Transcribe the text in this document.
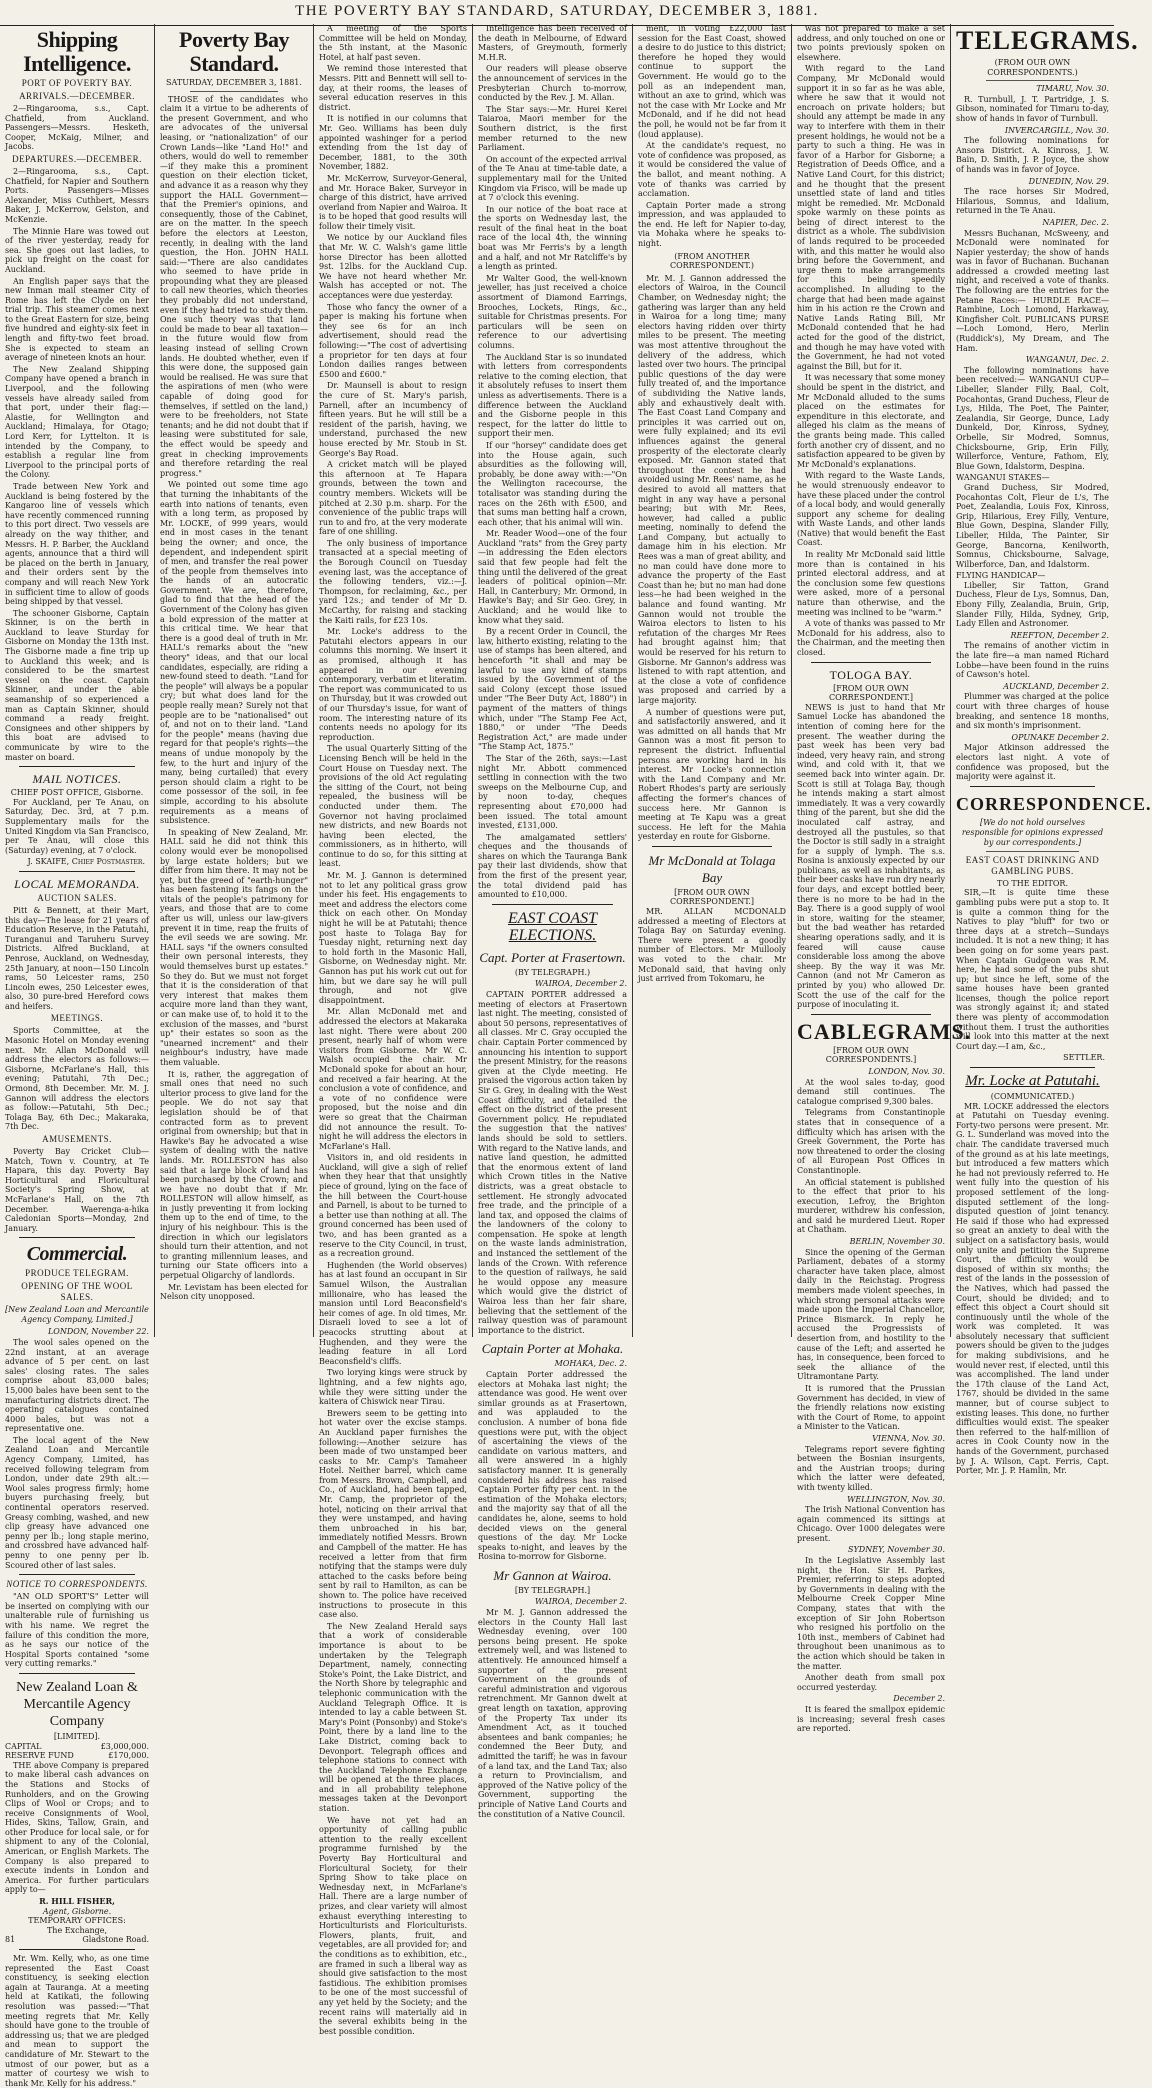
THE POVERTY BAY STANDARD, SATURDAY, DECEMBER 3, 1881.
Shipping Intelligence.
PORT OF POVERTY BAY.
ARRIVALS.—DECEMBER.

2—Ringarooma, s.s., Capt. Chatfield, from Auckland. Passengers—Messrs. Hesketh, Cooper, McKaig, Milner, and Jacobs.

DEPARTURES.—DECEMBER.

2—Ringarooma, s.s., Capt. Chatfield, for Napier and Southern Ports. Passengers—Misses Alexander, Miss Cuthbert, Messrs Baker, J. McKerrow, Gelston, and McKenzie.

The Minnie Hare was towed out of the river yesterday, ready for sea. She goes out last ladies, to pick up freight on the coast for Auckland.

An English paper says that the new Inman mail steamer City of Rome has left the Clyde on her trial trip. This steamer comes next to the Great Eastern for size, being five hundred and eighty-six feet in length and fifty-two feet broad. She is expected to steam an average of nineteen knots an hour.

The New Zealand Shipping Company have opened a branch in Liverpool, and the following vessels have already sailed from that port, under their flag:—Alastie, for Wellington and Auckland; Himalaya, for Otago; Lord Kerr, for Lyttelton. It is intended by the Company, to establish a regular line from Liverpool to the principal ports of the Colony.

Trade between New York and Auckland is being fostered by the Kangaroo line of vessels which have recently commenced running to this port direct. Two vessels are already on the way thither, and Messrs. H. P. Barber, the Auckland agents, announce that a third will be placed on the berth in January, and their orders sent by the company and will reach New York in sufficient time to allow of goods being shipped by that vessel.

The schooner Gisborne, Captain Skinner, is on the berth in Auckland to leave Sturday for Gisborne on Monday the 13th inst. The Gisborne made a fine trip up to Auckland this week; and is considered to be the smartest vessel on the coast. Captain Skinner, and under the able seamanship of so experienced a man as Captain Skinner, should command a ready freight. Consignees and other shippers by this boat are advised to communicate by wire to the master on board.

MAIL NOTICES.
CHIEF POST OFFICE, Gisborne.

For Auckland, per Te Anau, on Saturday, Dec. 3rd, at 7 p.m. Supplementary mails for the United Kingdom via San Francisco, per Te Anau, will close this (Saturday) evening, at 7 o'clock.

J. SKAIFE, Chief Postmaster.
LOCAL MEMORANDA.
AUCTION SALES.

Pitt & Bennett, at their Mart, this day—The lease for 21 years of Education Reserve, in the Patutahi, Turanganui and Taruheru Survey Districts. Alfred Buckland, at Penrose, Auckland, on Wednesday, 25th January, at noon—150 Lincoln rams, 50 Leicester rams, 250 Lincoln ewes, 250 Leicester ewes, also, 30 pure-bred Hereford cows and heifers.

MEETINGS.

Sports Committee, at the Masonic Hotel on Monday evening next. Mr. Allan McDonald will address the electors as follows:—Gisborne, McFarlane's Hall, this evening; Patutahi, 7th Dec.; Ormond, 8th December. Mr. M. J. Gannon will address the electors as follow:—Patutahi, 5th Dec.; Tolaga Bay, 6th Dec.; Makaraka, 7th Dec.

AMUSEMENTS.

Poverty Bay Cricket Club—Match, Town v. Country, at Te Hapara, this day. Poverty Bay Horticultural and Floricultural Society's Spring Show, at McFarlane's Hall, on the 7th December. Waerenga-a-hika Caledonian Sports—Monday, 2nd January.

Commercial.
PRODUCE TELEGRAM.
OPENING OF THE WOOL SALES.
[New Zealand Loan and Mercantile Agency Company, Limited.]
LONDON, November 22.

The wool sales opened on the 22nd instant, at an average advance of 5 per cent. on last sales' closing rates. The sales comprise about 83,000 bales; 15,000 bales have been sent to the manufacturing districts direct. The operating catalogues contained 4000 bales, but was not a representative one.

The local agent of the New Zealand Loan and Mercantile Agency Company, Limited, has received following telegram from London, under date 29th alt.:—Wool sales progress firmly; home buyers purchasing freely, but continental operators reserved. Greasy combing, washed, and new clip greasy have advanced one penny per lb.; long staple merino, and crossbred have advanced half-penny to one penny per lb. Scoured other of last sales.

NOTICE TO CORRESPONDENTS.

"AN OLD SPORT'S" Letter will be inserted on complying with our unalterable rule of furnishing us with his name. We regret the failure of this condition the more, as he says our notice of the Hospital Sports contained "some very cutting remarks."

New Zealand Loan & Mercantile Agency Company
[LIMITED].
CAPITAL	£3,000,000.
RESERVE FUND	£170,000.

THE above Company is prepared to make liberal cash advances on the Stations and Stocks of Runholders, and on the Growing Clips of Wool or Crops; and to receive Consignments of Wool, Hides, Skins, Tallow, Grain, and other Produce for local sale, or for shipment to any of the Colonial, American, or English Markets. The Company is also prepared to execute indents in London and America. For further particulars apply to—

R. HILL FISHER,
Agent, Gisborne.
TEMPORARY OFFICES:
The Exchange,
81	Gladstone Road.

Mr. Wm. Kelly, who, as one time represented the East Coast constituency, is seeking election again at Tauranga. At a meeting held at Katikati, the following resolution was passed:—"That meeting regrets that Mr. Kelly should have gone to the trouble of addressing us; that we are pledged and mean to support the candidature of Mr. Stewart to the utmost of our power, but as a matter of courtesy we wish to thank Mr. Kelly for his address."

Poverty Bay Standard.
SATURDAY, DECEMBER 3, 1881.

THOSE of the candidates who claim it a virtue to be adherents of the present Government, and who are advocates of the universal leasing, or "nationalization" of our Crown Lands—like "Land Ho!" and others, would do well to remember—if they make this a prominent question on their election ticket, and advance it as a reason why they support the HALL Government—that the Premier's opinions, and consequently, those of the Cabinet, are on the matter. In the speech before the electors at Leeston, recently, in dealing with the land question, the Hon. JOHN HALL said:—"There are also candidates who seemed to have pride in propounding what they are pleased to call new theories, which theories they probably did not understand, even if they had tried to study them. One such theory was that land could be made to bear all taxation—in the future would flow from leasing instead of selling Crown lands. He doubted whether, even if this were done, the supposed gain would be realised. He was sure that the aspirations of men (who were capable of doing good for themselves, if settled on the land,) were to be freeholders, not State tenants; and he did not doubt that if leasing were substituted for sale, the effect would be speedy and great in checking improvements and therefore retarding the real progress."

We pointed out some time ago that turning the inhabitants of the earth into nations of tenants, even with a long term, as proposed by Mr. LOCKE, of 999 years, would end in most cases in the tenant being the owner; and once, the dependent, and independent spirit of men, and transfer the real power of the people from themselves into the hands of an autocratic Government. We are, therefore, glad to find that the head of the Government of the Colony has given a bold expression of the matter at this critical time. We hear that there is a good deal of truth in Mr. HALL's remarks about the "new theory" ideas, and that our local candidates, especially, are riding a new-found steed to death. "Land for the people" will always be a popular cry; but what does land for the people really mean? Surely not that people are to be "nationalised" out of, and not on to their land. "Land for the people" means (having due regard for that people's rights—the means of undue monopoly by the few, to the hurt and injury of the many, being curtailed) that every person should claim a right to be come possessor of the soil, in fee simple, according to his absolute requirements as a means of subsistence.

In speaking of New Zealand, Mr. HALL said he did not think this colony would ever be monopolised by large estate holders; but we differ from him there. It may not be yet, but the greed of "earth-hunger" has been fastening its fangs on the vitals of the people's patrimony for years, and those that are to come after us will, unless our law-givers prevent it in time, reap the fruits of the evil seeds we are sowing. Mr. HALL says "if the owners consulted their own personal interests, they would themselves burst up estates." So they do. But we must not forget that it is the consideration of that very interest that makes them acquire more land than they want, or can make use of, to hold it to the exclusion of the masses, and "burst up" their estates so soon as the "unearned increment" and their neighbour's industry, have made them valuable.

It is, rather, the aggregation of small ones that need no such ulterior process to give land for the people. We do not say that legislation should be of that contracted form as to prevent original from ownership; but that in Hawke's Bay he advocated a wise system of dealing with the native lands. Mr. ROLLESTON has also said that a large block of land has been purchased by the Crown; and we have no doubt that if Mr. ROLLESTON will allow himself, as in justly preventing it from locking them up to the end of time, to the injury of his neighbour. This is the direction in which our legislators should turn their attention, and not to granting millennium leases, and turning our State officers into a perpetual Oligarchy of landlords.

Mr. Levistam has been elected for Nelson city unopposed.

A meeting of the Sports Committee will be held on Monday, the 5th instant, at the Masonic Hotel, at half past seven.

We remind those interested that Messrs. Pitt and Bennett will sell to-day, at their rooms, the leases of several education reserves in this district.

It is notified in our columns that Mr. Geo. Williams has been duly appointed washinger for a period extending from the 1st day of December, 1881, to the 30th November, 1882.

Mr. McKerrow, Surveyor-General, and Mr. Horace Baker, Surveyor in charge of this district, have arrived overland from Napier and Wairoa. It is to be hoped that good results will follow their timely visit.

We notice by our Auckland files that Mr. W. C. Walsh's game little horse Director has been allotted 9st. 12lbs. for the Auckland Cup. We have not heard whether Mr. Walsh has accepted or not. The acceptances were due yesterday.

Those who fancy the owner of a paper is making his fortune when they see 6s for an inch advertisement, should read the following:—"The cost of advertising a proprietor for ten days at four London dailies ranges between £500 and £600."

Dr. Maunsell is about to resign the cure of St. Mary's parish, Parnell, after an incumbency of fifteen years. But he will still be a resident of the parish, having, we understand, purchased the new house erected by Mr. Stoub in St. George's Bay Road.

A cricket match will be played this afternoon at Te Hapara grounds, between the town and country members. Wickets will be pitched at 2.30 p.m. sharp. For the convenience of the public traps will run to and fro, at the very moderate fare of one shilling.

The only business of importance transacted at a special meeting of the Borough Council on Tuesday evening last, was the acceptance of the following tenders, viz.:—J. Thompson, for reclaiming, &c., per yard 12s.; and tender of Mr D. McCarthy, for raising and stacking the Kaiti rails, for £23 10s.

Mr. Locke's address to the Patutahi electors appears in our columns this morning. We insert it as promised, although it has appeared in our evening contemporary, verbatim et literatim. The report was communicated to us on Thursday, but it was crowded out of our Thursday's issue, for want of room. The interesting nature of its contents needs no apology for its reproduction.

The usual Quarterly Sitting of the Licensing Bench will be held in the Court House on Tuesday next. The provisions of the old Act regulating the sitting of the Court, not being repealed, the business will be conducted under them. The Governor not having proclaimed new districts, and new Boards not having been elected, the commissioners, as in hitherto, will continue to do so, for this sitting at least.

Mr. M. J. Gannon is determined not to let any political grass grow under his feet. His engagements to meet and address the electors come thick on each other. On Monday night he will be at Patutahi; thence post haste to Tolaga Bay for Tuesday night, returning next day to hold forth in the Masonic Hall, Gisborne, on Wednesday night. Mr. Gannon has put his work cut out for him, but we dare say he will pull through, and not give disappointment.

Mr. Allan McDonald met and addressed the electors at Makaraka last night. There were about 200 present, nearly half of whom were visitors from Gisborne. Mr W. C. Walsh occupied the chair. Mr McDonald spoke for about an hour, and received a fair hearing. At the conclusion a vote of confidence, and a vote of no confidence were proposed, but the noise and din were so great that the Chairman did not announce the result. To-night he will address the electors in McFarlane's Hall.

Visitors in, and old residents in Auckland, will give a sigh of relief when they hear that that unsightly piece of ground, lying on the face of the hill between the Court-house and Parnell, is about to be turned to a better use than nothing at all. The ground concerned has been used of two, and has been granted as a reserve to the City Council, in trust, as a recreation ground.

Hughenden (the World observes) has at last found an occupant in Sir Samuel Wilson, the Australian millionaire, who has leased the mansion until Lord Beaconsfield's heir comes of age. In old times, Mr. Disraeli loved to see a lot of peacocks strutting about at Hughenden, and they were the leading feature in all Lord Beaconsfield's cliffs.

Two lorying kings were struck by lightning, and a few nights ago, while they were sitting under the kaitera of Chiswick near Tirau.

Brewers seem to be getting into hot water over the excise stamps. An Auckland paper furnishes the following:—Another seizure has been made of two unstamped beer casks to Mr. Camp's Tamaheer Hotel. Neither barrel, which came from Messrs. Brown, Campbell, and Co., of Auckland, had been tapped, Mr. Camp, the proprietor of the hotel, noticing on their arrival that they were unstamped, and having them unbroached in his bar, immediately notified Messrs. Brown and Campbell of the matter. He has received a letter from that firm notifying that the stamps were duly attached to the casks before being sent by rail to Hamilton, as can be shown to. The police have received instructions to prosecute in this case also.

The New Zealand Herald says that a work of considerable importance is about to be undertaken by the Telegraph Department, namely, connecting Stoke's Point, the Lake District, and the North Shore by telegraphic and telephonic communication with the Auckland Telegraph Office. It is intended to lay a cable between St. Mary's Point (Ponsonby) and Stoke's Point, there by a land line to the Lake District, coming back to Devonport. Telegraph offices and telephone stations to connect with the Auckland Telephone Exchange will be opened at the three places, and in all probability telephone messages taken at the Devonport station.

We have not yet had an opportunity of calling public attention to the really excellent programme furnished by the Poverty Bay Horticultural and Floricultural Society, for their Spring Show to take place on Wednesday next, in McFarlane's Hall. There are a large number of prizes, and clear variety will almost exhaust everything interesting to Horticulturists and Floriculturists. Flowers, plants, fruit, and vegetables, are all provided for; and the conditions as to exhibition, etc., are framed in such a liberal way as should give satisfaction to the most fastidious. The exhibition promises to be one of the most successful of any yet held by the Society; and the recent rains will materially aid in the several exhibits being in the best possible condition.

Intelligence has been received of the death in Melbourne, of Edward Masters, of Greymouth, formerly M.H.R.

Our readers will please observe the announcement of services in the Presbyterian Church to-morrow, conducted by the Rev. J. M. Allan.

The Star says:—Mr. Hurei Kerei Taiaroa, Maori member for the Southern district, is the first member returned to the new Parliament.

On account of the expected arrival of the Te Anau at time-table date, a supplementary mail for the United Kingdom via Frisco, will be made up at 7 o'clock this evening.

In our notice of the boat race at the sports on Wednesday last, the result of the final heat in the boat race of the local 4th, the winning boat was Mr Ferris's by a length and a half, and not Mr Ratcliffe's by a length as printed.

Mr Walter Good, the well-known jeweller, has just received a choice assortment of Diamond Earrings, Brooches, Lockets, Rings, &c., suitable for Christmas presents. For particulars will be seen on reference to our advertising columns.

The Auckland Star is so inundated with letters from correspondents relative to the coming election, that it absolutely refuses to insert them unless as advertisements. There is a difference between the Auckland and the Gisborne people in this respect, for the latter do little to support their men.

If our "horsey" candidate does get into the House again, such absurdities as the following will, probably, be done away with:—"On the Wellington racecourse, the totalisator was standing during the races on the 26th with £500, and that sums man betting half a crown, each other, that his animal will win.

Mr. Reader Wood—one of the four Auckland "rats" from the Grey party—in addressing the Eden electors said that few people had felt the thing until the delivered of the great leaders of political opinion—Mr. Hall, in Canterbury; Mr. Ormond, in Hawke's Bay; and Sir Geo. Grey, in Auckland; and he would like to know what they said.

By a recent Order in Council, the law, hitherto existing, relating to the use of stamps has been altered, and henceforth "it shall and may be lawful to use any kind of stamps issued by the Government of the said Colony (except those issued under "The Beer Duty Act, 1880") in payment of the matters of things which, under "The Stamp Fee Act, 1880," or under "The Deeds Registration Act," are made under "The Stamp Act, 1875."

The Star of the 26th, says:—Last night Mr. Abbott commenced settling in connection with the two sweeps on the Melbourne Cup, and by noon to-day, cheques representing about £70,000 had been issued. The total amount invested, £131,000.

The amalgamated settlers' cheques and the thousands of shares on which the Tauranga Bank pay their last dividends, show that from the first of the present year, the total dividend paid has amounted to £10,000.

EAST COAST ELECTIONS.
Capt. Porter at Frasertown.
(BY TELEGRAPH.)
WAIROA, December 2.

CAPTAIN PORTER addressed a meeting of electors at Frasertown last night. The meeting, consisted of about 50 persons, representatives of all classes. Mr C. Gray occupied the chair. Captain Porter commenced by announcing his intention to support the present Ministry, for the reasons given at the Clyde meeting. He praised the vigorous action taken by Sir G. Grey, in dealing with the West Coast difficulty, and detailed the effect on the district of the present Government policy. He repudiated the suggestion that the natives' lands should be sold to settlers. With regard to the Native lands, and native land question, he admitted that the enormous extent of land which Crown titles in the Native districts, was a great obstacle to settlement. He strongly advocated free trade, and the principle of a land tax, and opposed the claims of the landowners of the colony to compensation. He spoke at length on the waste lands administration, and instanced the settlement of the lands of the Crown. With reference to the question of railways, he said he would oppose any measure which would give the district of Wairoa less than her fair share, believing that the settlement of the railway question was of paramount importance to the district.

Captain Porter at Mohaka.
MOHAKA, Dec. 2.

Captain Porter addressed the electors at Mohaka last night; the attendance was good. He went over similar grounds as at Frasertown, and was applauded to the conclusion. A number of bona fide questions were put, with the object of ascertaining the views of the candidate on various matters, and all were answered in a highly satisfactory manner. It is generally considered his address has raised Captain Porter fifty per cent. in the estimation of the Mohaka electors; and the majority say that of all the candidates he, alone, seems to hold decided views on the general questions of the day. Mr Locke speaks to-night, and leaves by the Rosina to-morrow for Gisborne.

Mr Gannon at Wairoa.
[BY TELEGRAPH.]
WAIROA, December 2.

Mr M. J. Gannon addressed the electors in the County Hall last Wednesday evening, over 100 persons being present. He spoke extremely well, and was listened to attentively. He announced himself a supporter of the present Government on the grounds of careful administration and vigorous retrenchment. Mr Gannon dwelt at great length on taxation, approving of the Property Tax under its Amendment Act, as it touched absentees and bank companies; he condemned the Beer Duty, and admitted the tariff; he was in favour of a land tax, and the Land Tax; also a return to Provincialism, and approved of the Native policy of the Government, supporting the principle of Native Land Courts and the constitution of a Native Council.

ment, in voting £22,000 last session for the East Coast, showed a desire to do justice to this district; therefore he hoped they would continue to support the Government. He would go to the poll as an independent man, without an axe to grind, which was not the case with Mr Locke and Mr McDonald, and if he did not head the poll, he would not be far from it (loud applause).

At the candidate's request, no vote of confidence was proposed, as it would be considered the value of the ballot, and meant nothing. A vote of thanks was carried by acclamation.

Captain Porter made a strong impression, and was applauded to the end. He left for Napier to-day, via Mohaka where he speaks to-night.

(FROM ANOTHER CORRESPONDENT.)

Mr. M. J. Gannon addressed the electors of Wairoa, in the Council Chamber, on Wednesday night; the gathering was larger than any held in Wairoa for a long time; many electors having ridden over thirty miles to be present. The meeting was most attentive throughout the delivery of the address, which lasted over two hours. The principal public questions of the day were fully treated of, and the importance of subdividing the Native lands, ably and exhaustively dealt with. The East Coast Land Company and principles it was carried out on, were fully explained; and its evil influences against the general prosperity of the electorate clearly exposed. Mr. Gannon stated that throughout the contest he had avoided using Mr. Rees' name, as he desired to avoid all matters that might in any way have a personal bearing; but with Mr. Rees, however, had called a public meeting, nominally to defend the Land Company, but actually to damage him in his election. Mr Rees was a man of great ability, and no man could have done more to advance the property of the East Coast than he; but no man had done less—he had been weighed in the balance and found wanting. Mr Gannon would not trouble the Wairoa electors to listen to his refutation of the charges Mr Rees had brought against him; that would be reserved for his return to Gisborne. Mr Gannon's address was listened to with rapt attention, and at the close a vote of confidence was proposed and carried by a large majority.

A number of questions were put, and satisfactorily answered, and it was admitted on all hands that Mr Gannon was a most fit person to represent the district. Influential persons are working hard in his interest. Mr Locke's connection with the Land Company and Mr. Robert Rhodes's party are seriously affecting the former's chances of success here. Mr Gannon is meeting at Te Kapu was a great success. He left for the Mahia yesterday en route for Gisborne.

Mr McDonald at Tolaga Bay
[FROM OUR OWN CORRESPONDENT.]

MR. ALLAN MCDONALD addressed a meeting of Electors at Tolaga Bay on Saturday evening. There were present a goodly number of Electors. Mr Mullooly was voted to the chair. Mr McDonald said, that having only just arrived from Tokomaru, he

was not prepared to make a set address, and only touched on one or two points previously spoken on elsewhere.

With regard to the Land Company, Mr McDonald would support it in so far as he was able, where he saw that it would not encroach on private holders; but should any attempt be made in any way to interfere with them in their present holdings, he would not be a party to such a thing. He was in favor of a Harbor for Gisborne; a Registration of Deeds Office, and a Native Land Court, for this district; and he thought that the present unsettled state of land and titles might be remedied. Mr. McDonald spoke warmly on these points as being of direct interest to the district as a whole. The subdivision of lands required to be proceeded with, and this matter he would also bring before the Government, and urge them to make arrangements for this being speedily accomplished. In alluding to the charge that had been made against him in his action re the Crown and Native Lands Rating Bill, Mr McDonald contended that he had acted for the good of the district, and though he may have voted with the Government, he had not voted against the Bill, but for it.

It was necessary that some money should be spent in the district, and Mr McDonald alluded to the sums placed on the estimates for expenditure in this electorate, and alleged his claim as the means of the grants being made. This called forth another cry of dissent, and no satisfaction appeared to be given by Mr McDonald's explanations.

With regard to the Waste Lands, he would strenuously endeavor to have these placed under the control of a local body, and would generally support any scheme for dealing with Waste Lands, and other lands (Native) that would benefit the East Coast.

In reality Mr McDonald said little more than is contained in his printed electoral address, and at the conclusion some few questions were asked, more of a personal nature than otherwise, and the meeting was inclined to be "warm."

A vote of thanks was passed to Mr McDonald for his address, also to the Chairman, and the meeting then closed.

TOLOGA BAY.
[FROM OUR OWN CORRESPONDENT.]

NEWS is just to hand that Mr Samuel Locke has abandoned the intention of coming here for the present. The weather during the past week has been very bad indeed, very heavy rain, and strong wind, and cold with it, that we seemed back into winter again. Dr. Scott is still at Tolaga Bay, though he intends making a start almost immediately. It was a very cowardly thing of the parent, but she did the inoculated calf astray, and destroyed all the pustules, so that the Doctor is still sadly in a straight for a supply of lymph. The s.s. Rosina is anxiously expected by our publicans, as well as inhabitants, as their beer casks have run dry nearly four days, and except bottled beer, there is no more to be had in the Bay. There is a good supply of wool in store, waiting for the steamer, but the bad weather has retarded shearing operations sadly, and it is feared will cause cause considerable loss among the above sheep. By the way it was Mr. Cannon (and not Mr Cameron as printed by you) who allowed Dr. Scott the use of the calf for the purpose of inoculating it.

CABLEGRAMS.
[FROM OUR OWN CORRESPONDENTS.]
LONDON, Nov. 30.

At the wool sales to-day, good demand still continues. The catalogue comprised 9,300 bales.

Telegrams from Constantinople states that in consequence of a difficulty which has arisen with the Greek Government, the Porte has now threatened to order the closing of all European Post Offices in Constantinople.

An official statement is published to the effect that prior to his execution, Lefroy, the Brighton murderer, withdrew his confession, and said he murdered Lieut. Roper at Chatham.

BERLIN, November 30.

Since the opening of the German Parliament, debates of a stormy character have taken place, almost daily in the Reichstag. Progress members made violent speeches, in which strong personal attacks were made upon the Imperial Chancellor, Prince Bismarck. In reply he accused the Progressists of desertion from, and hostility to the cause of the Left; and asserted he has, in consequence, been forced to seek the alliance of the Ultramontane Party.

It is rumored that the Prussian Government has decided, in view of the friendly relations now existing with the Court of Rome, to appoint a Minister to the Vatican.

VIENNA, Nov. 30.

Telegrams report severe fighting between the Bosnian insurgents, and the Austrian troops; during which the latter were defeated, with twenty killed.

WELLINGTON, Nov. 30.

The Irish National Convention has again commenced its sittings at Chicago. Over 1000 delegates were present.

SYDNEY, November 30.

In the Legislative Assembly last night, the Hon. Sir H. Parkes, Premier, referring to steps adopted by Governments in dealing with the Melbourne Creek Copper Mine Company, states that with the exception of Sir John Robertson who resigned his portfolio on the 10th inst., members of Cabinet had throughout been unanimous as to the action which should be taken in the matter.

Another death from small pox occurred yesterday.

December 2.

It is feared the smallpox epidemic is increasing; several fresh cases are reported.

TELEGRAMS.
(FROM OUR OWN CORRESPONDENTS.)
TIMARU, Nov. 30.

R. Turnbull, J. T. Partridge, J. S. Gibson, nominated for Timaru to-day, show of hands in favor of Turnbull.

INVERCARGILL, Nov. 30.

The following nominations for Ansora District. A. Kinross, J. W. Bain, D. Smith, J. P. Joyce, the show of hands was in favor of Joyce.

DUNEDIN, Nov. 29.

The race horses Sir Modred, Hilarious, Somnus, and Idalium, returned in the Te Anau.

NAPIER, Dec. 2.

Messrs Buchanan, McSweeny, and McDonald were nominated for Napier yesterday; the show of hands was in favor of Buchanan. Buchanan addressed a crowded meeting last night, and received a vote of thanks. The following are the entries for the Petane Races:— HURDLE RACE—Rambine, Loch Lomond, Harkaway, Kingfisher Colt. PUBLICANS PURSE—Loch Lomond, Hero, Merlin (Ruddick's), My Dream, and The Ham.

WANGANUI, Dec. 2.

The following nominations have been received:— WANGANUI CUP—Libeller, Slander Filly, Baal, Colt, Pocahontas, Grand Duchess, Fleur de Lys, Hilda, The Poet, The Painter, Zealandia, Sir George, Dunce, Lady Dunkeld, Dor, Kinross, Sydney, Orbelle, Sir Modred, Somnus, Chicksbourne, Grip, Erin Filly, Willerforce, Venture, Fathom, Ely, Blue Gown, Idalstorm, Despina.

WANGANUI STAKES—

Grand Duchess, Sir Modred, Pocahontas Colt, Fleur de L's, The Poet, Zealandia, Louis Fox, Kinross, Grip, Hilarious, Erey Filly, Venture, Blue Gown, Despina, Slander Filly, Libeller, Hilda, The Painter, Sir George, Bancorna, Kenilworth, Somnus, Chicksbourne, Salvage, Wilberforce, Dan, and Idalstorm.

FLYING HANDICAP—

Libeller, Sir Tatton, Grand Duchess, Fleur de Lys, Somnus, Dan, Ebony Filly, Zealandia, Bruin, Grip, Slander Filly, Hilda, Sydney, Grip, Lady Ellen and Astronomer.

REEFTON, December 2.

The remains of another victim in the late fire—a man named Richard Lobbe—have been found in the ruins of Cawson's hotel.

AUCKLAND, December 2.

Plummer was charged at the police court with three charges of house breaking, and sentence 18 months, and six month's imprisonment.

OPUNAKE December 2.

Major Atkinson addressed the electors last night. A vote of confidence was proposed, but the majority were against it.

CORRESPONDENCE.
[We do not hold ourselves responsible for opinions expressed by our correspondents.]
EAST COAST DRINKING AND GAMBLING PUBS.
TO THE EDITOR.

SIR,—It is quite time these gambling pubs were put a stop to. It is quite a common thing for the Natives to play "bluff" for two or three days at a stretch—Sundays included. It is not a new thing; it has been going on for some years past. When Captain Gudgeon was R.M. here, he had some of the pubs shut up; but since he left, some of the same houses have been granted licenses, though the police report was strongly against it; and stated there was plenty of accommodation without them. I trust the authorities will look into this matter at the next Court day.—I am, &c.,

SETTLER.
Mr. Locke at Patutahi.
(COMMUNICATED.)

MR. LOCKE addressed the electors at Patutahi on Tuesday evening. Forty-two persons were present. Mr. G. L. Sunderland was moved into the chair. The candidate traversed much of the ground as at his late meetings, but introduced a few matters which he had not previously referred to. He went fully into the question of his proposed settlement of the long-disputed settlement of the long-disputed question of joint tenancy. He said if those who had expressed so great an anxiety to deal with the subject on a satisfactory basis, would only unite and petition the Supreme Court, the difficulty would be disposed of within six months; the rest of the lands in the possession of the Natives, which had passed the Court, should be divided; and to effect this object a Court should sit continuously until the whole of the work was completed. It was absolutely necessary that sufficient powers should be given to the judges for making subdivisions, and he would never rest, if elected, until this was accomplished. The land under the 17th clause of the Land Act, 1767, should be divided in the same manner, but of course subject to existing leases. This done, no further difficulties would exist. The speaker then referred to the half-million of acres in Cook County now in the hands of the Government, purchased by J. A. Wilson, Capt. Ferris, Capt. Porter, Mr. J. P. Hamlin, Mr.
